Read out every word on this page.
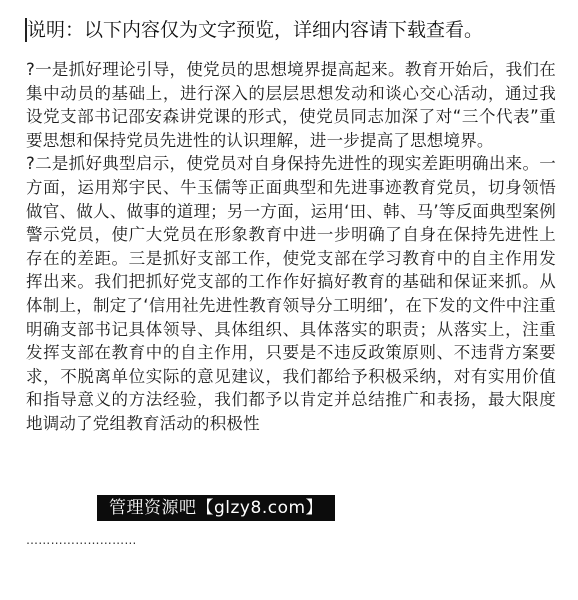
说明：以下内容仅为文字预览，详细内容请下载查看。

?一是抓好理论引导，使党员的思想境界提高起来。教育开始后，我们在集中动员的基础上，进行深入的层层思想发动和谈心交心活动，通过我设党支部书记邵安森讲党课的形式，使党员同志加深了对“三个代表”重要思想和保持党员先进性的认识理解，进一步提高了思想境界。

?二是抓好典型启示，使党员对自身保持先进性的现实差距明确出来。一方面，运用郑宇民、牛玉儒等正面典型和先进事迹教育党员，切身领悟做官、做人、做事的道理；另一方面，运用‘田、韩、马’等反面典型案例警示党员，使广大党员在形象教育中进一步明确了自身在保持先进性上存在的差距。三是抓好支部工作，使党支部在学习教育中的自主作用发挥出来。我们把抓好党支部的工作作好搞好教育的基础和保证来抓。从体制上，制定了‘信用社先进性教育领导分工明细’，在下发的文件中注重明确支部书记具体领导、具体组织、具体落实的职责；从落实上，注重发挥支部在教育中的自主作用，只要是不违反政策原则、不违背方案要求，不脱离单位实际的意见建议，我们都给予积极采纳，对有实用价值和指导意义的方法经验，我们都予以肯定并总结推广和表扬，最大限度地调动了党组教育活动的积极性

管理资源吧【glzy8.com】
………………………
